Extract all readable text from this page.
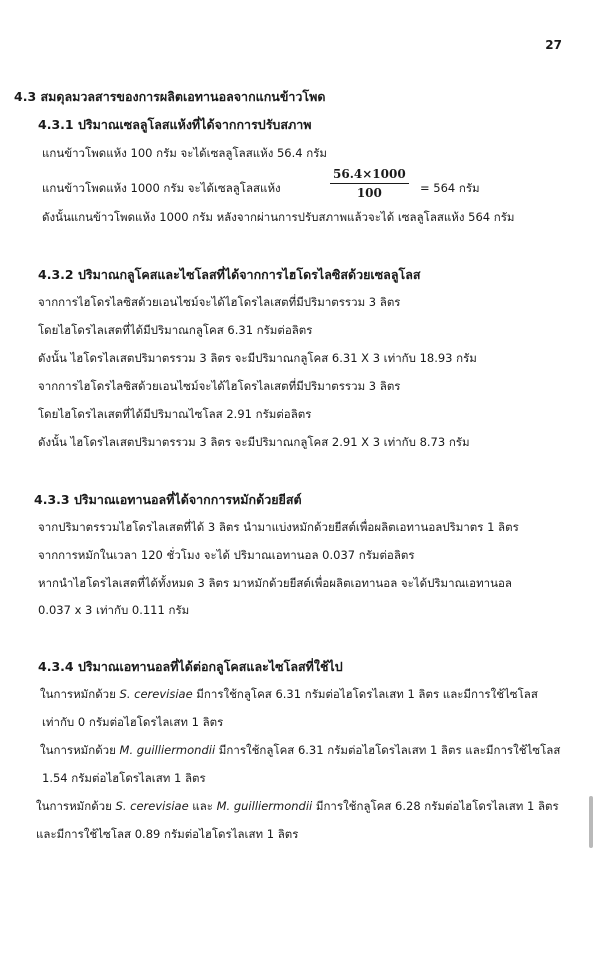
27
4.3 สมดุลมวลสารของการผลิตเอทานอลจากแกนข้าวโพด
4.3.1 ปริมาณเซลลูโลสแห้งที่ได้จากการปรับสภาพ
แกนข้าวโพดแห้ง 100 กรัม จะได้เซลลูโลสแห้ง 56.4 กรัม
แกนข้าวโพดแห้ง 1000 กรัม จะได้เซลลูโลสแห้ง	$\frac{56.4\times 1000}{100} = 564$ กรัม
ดังนั้นแกนข้าวโพดแห้ง 1000 กรัม หลังจากผ่านการปรับสภาพแล้วจะได้ เซลลูโลสแห้ง 564 กรัม
4.3.2 ปริมาณกลูโคสและไซโลสที่ได้จากการไฮโดรไลซิสด้วยเซลลูโลส
จากการไฮโดรไลซิสด้วยเอนไซม์จะได้ไฮโดรไลเสตที่มีปริมาตรรวม 3 ลิตร
โดยไฮโดรไลเสตที่ได้มีปริมาณกลูโคส 6.31 กรัมต่อลิตร
ดังนั้น ไฮโดรไลเสตปริมาตรรวม 3 ลิตร จะมีปริมาณกลูโคส 6.31 X 3 เท่ากับ 18.93 กรัม
จากการไฮโดรไลซิสด้วยเอนไซม์จะได้ไฮโดรไลเสตที่มีปริมาตรรวม 3 ลิตร
โดยไฮโดรไลเสตที่ได้มีปริมาณไซโลส 2.91 กรัมต่อลิตร
ดังนั้น ไฮโดรไลเสตปริมาตรรวม 3 ลิตร จะมีปริมาณกลูโคส 2.91 X 3 เท่ากับ 8.73 กรัม
4.3.3 ปริมาณเอทานอลที่ได้จากการหมักด้วยยีสต์
จากปริมาตรรวมไฮโดรไลเสตที่ได้ 3 ลิตร นำมาแบ่งหมักด้วยยีสต์เพื่อผลิตเอทานอลปริมาตร 1 ลิตร
จากการหมักในเวลา 120 ชั่วโมง จะได้ ปริมาณเอทานอล 0.037 กรัมต่อลิตร
หากนำไฮโดรไลเสตที่ได้ทั้งหมด 3 ลิตร มาหมักด้วยยีสต์เพื่อผลิตเอทานอล จะได้ปริมาณเอทานอล
0.037 x 3 เท่ากับ 0.111 กรัม
4.3.4 ปริมาณเอทานอลที่ได้ต่อกลูโคสและไซโลสที่ใช้ไป
ในการหมักด้วย S. cerevisiae มีการใช้กลูโคส 6.31 กรัมต่อไฮโดรไลเสท 1 ลิตร และมีการใช้ไซโลส
เท่ากับ 0 กรัมต่อไฮโดรไลเสท 1 ลิตร
ในการหมักด้วย M. guilliermondii มีการใช้กลูโคส 6.31 กรัมต่อไฮโดรไลเสท 1 ลิตร และมีการใช้ไซโลส
1.54 กรัมต่อไฮโดรไลเสท 1 ลิตร
ในการหมักด้วย S. cerevisiae และ M. guilliermondii มีการใช้กลูโคส 6.28 กรัมต่อไฮโดรไลเสท 1 ลิตร
และมีการใช้ไซโลส 0.89 กรัมต่อไฮโดรไลเสท 1 ลิตร
